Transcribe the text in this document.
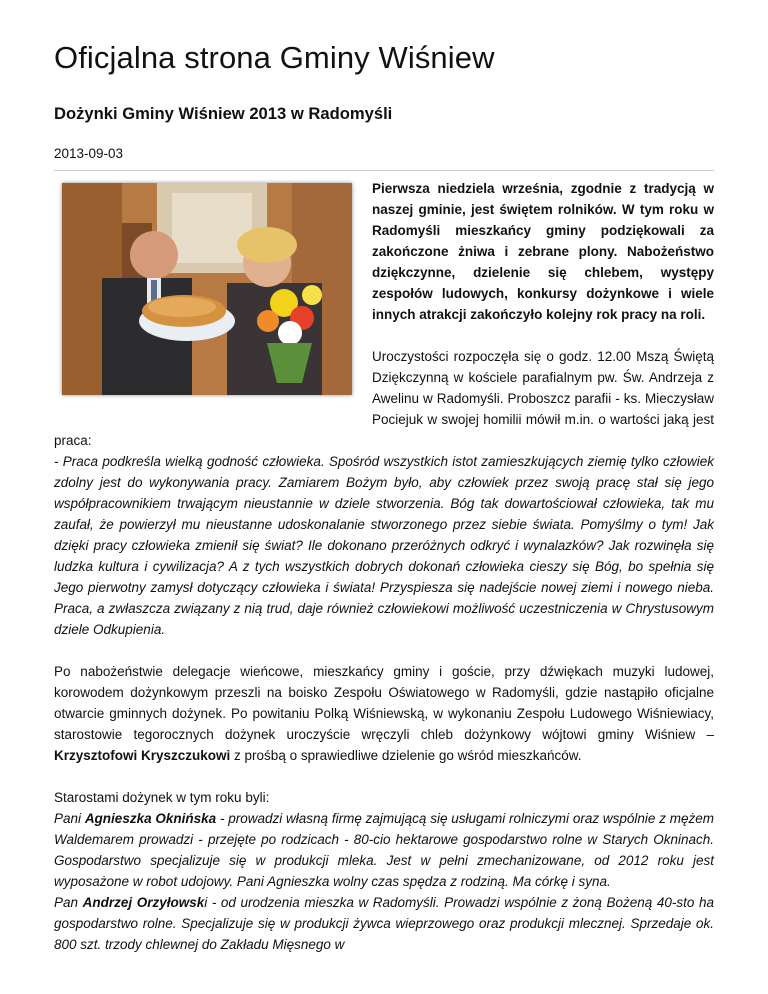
Oficjalna strona Gminy Wiśniew
Dożynki Gminy Wiśniew 2013 w Radomyśli
2013-09-03

Pierwsza niedziela września, zgodnie z tradycją w naszej gminie, jest świętem rolników. W tym roku w Radomyśli mieszkańcy gminy podziękowali za zakończone żniwa i zebrane plony. Nabożeństwo dziękczynne, dzielenie się chlebem, występy zespołów ludowych, konkursy dożynkowe i wiele innych atrakcji zakończyło kolejny rok pracy na roli.

Uroczystości rozpoczęła się o godz. 12.00 Mszą Świętą Dziękczynną w kościele parafialnym pw. Św. Andrzeja z Awelinu w Radomyśli. Proboszcz parafii - ks. Mieczysław Pociejuk w swojej homilii mówił m.in. o wartości jaką jest praca:
- Praca podkreśla wielką godność człowieka. Spośród wszystkich istot zamieszkujących ziemię tylko człowiek zdolny jest do wykonywania pracy. Zamiarem Bożym było, aby człowiek przez swoją pracę stał się jego współpracownikiem trwającym nieustannie w dziele stworzenia. Bóg tak dowartościował człowieka, tak mu zaufał, że powierzył mu nieustanne udoskonalanie stworzonego przez siebie świata. Pomyślmy o tym! Jak dzięki pracy człowieka zmienił się świat? Ile dokonano przeróżnych odkryć i wynalazków? Jak rozwinęła się ludzka kultura i cywilizacja? A z tych wszystkich dobrych dokonań człowieka cieszy się Bóg, bo spełnia się Jego pierwotny zamysł dotyczący człowieka i świata! Przyspiesza się nadejście nowej ziemi i nowego nieba. Praca, a zwłaszcza związany z nią trud, daje również człowiekowi możliwość uczestniczenia w Chrystusowym dziele Odkupienia.

Po nabożeństwie delegacje wieńcowe, mieszkańcy gminy i goście, przy dźwiękach muzyki ludowej, korowodem dożynkowym przeszli na boisko Zespołu Oświatowego w Radomyśli, gdzie nastąpiło oficjalne otwarcie gminnych dożynek. Po powitaniu Polką Wiśniewską, w wykonaniu Zespołu Ludowego Wiśniewiacy, starostowie tegorocznych dożynek uroczyście wręczyli chleb dożynkowy wójtowi gminy Wiśniew – Krzysztofowi Kryszczukowi z prośbą o sprawiedliwe dzielenie go wśród mieszkańców.

Starostami dożynek w tym roku byli:
Pani Agnieszka Oknińska - prowadzi własną firmę zajmującą się usługami rolniczymi oraz wspólnie z mężem Waldemarem prowadzi - przejęte po rodzicach - 80-cio hektarowe gospodarstwo rolne w Starych Okninach. Gospodarstwo specjalizuje się w produkcji mleka. Jest w pełni zmechanizowane, od 2012 roku jest wyposażone w robot udojowy. Pani Agnieszka wolny czas spędza z rodziną. Ma córkę i syna.
Pan Andrzej Orzyłowski - od urodzenia mieszka w Radomyśli. Prowadzi wspólnie z żoną Bożeną 40-sto ha gospodarstwo rolne. Specjalizuje się w produkcji żywca wieprzowego oraz produkcji mlecznej. Sprzedaje ok. 800 szt. trzody chlewnej do Zakładu Mięsnego w
